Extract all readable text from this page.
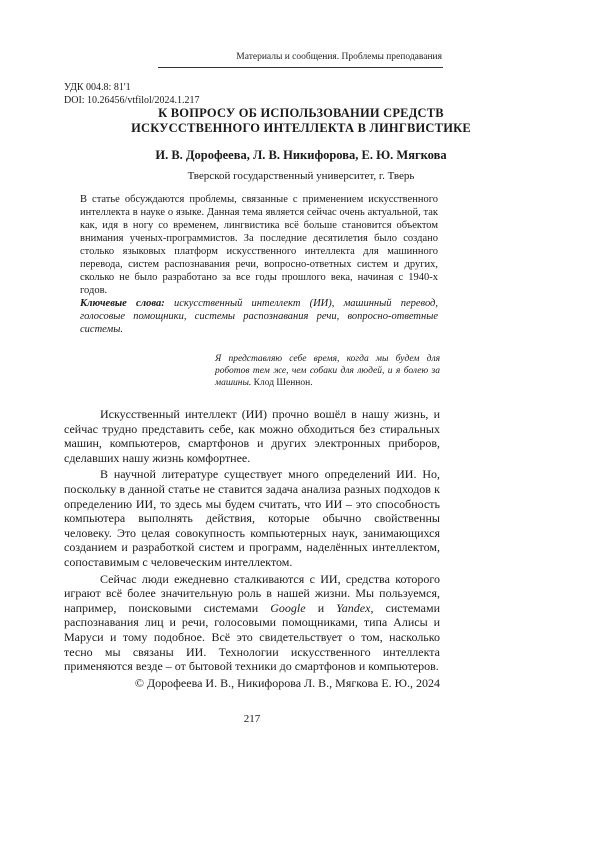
Материалы и сообщения. Проблемы преподавания
УДК 004.8: 81'1
DOI: 10.26456/vtfilol/2024.1.217
К ВОПРОСУ ОБ ИСПОЛЬЗОВАНИИ СРЕДСТВ
ИСКУССТВЕННОГО ИНТЕЛЛЕКТА В ЛИНГВИСТИКЕ
И. В. Дорофеева, Л. В. Никифорова, Е. Ю. Мягкова
Тверской государственный университет, г. Тверь

В статье обсуждаются проблемы, связанные с применением искусственного интеллекта в науке о языке. Данная тема является сейчас очень актуальной, так как, идя в ногу со временем, лингвистика всё больше становится объектом внимания ученых-программистов. За последние десятилетия было создано столько языковых платформ искусственного интеллекта для машинного перевода, систем распознавания речи, вопросно-ответных систем и других, сколько не было разработано за все годы прошлого века, начиная с 1940-х годов.

Ключевые слова: искусственный интеллект (ИИ), машинный перевод, голосовые помощники, системы распознавания речи, вопросно-ответные системы.

Я представляю себе время, когда мы будем для роботов тем же, чем собаки для людей, и я болею за машины. Клод Шеннон.

Искусственный интеллект (ИИ) прочно вошёл в нашу жизнь, и сейчас трудно представить себе, как можно обходиться без стиральных машин, компьютеров, смартфонов и других электронных приборов, сделавших нашу жизнь комфортнее.

В научной литературе существует много определений ИИ. Но, поскольку в данной статье не ставится задача анализа разных подходов к определению ИИ, то здесь мы будем считать, что ИИ – это способность компьютера выполнять действия, которые обычно свойственны человеку. Это целая совокупность компьютерных наук, занимающихся созданием и разработкой систем и программ, наделённых интеллектом, сопоставимым с человеческим интеллектом.

Сейчас люди ежедневно сталкиваются с ИИ, средства которого играют всё более значительную роль в нашей жизни. Мы пользуемся, например, поисковыми системами Google и Yandex, системами распознавания лиц и речи, голосовыми помощниками, типа Алисы и Маруси и тому подобное. Всё это свидетельствует о том, насколько тесно мы связаны ИИ. Технологии искусственного интеллекта применяются везде – от бытовой техники до смартфонов и компьютеров.

© Дорофеева И. В., Никифорова Л. В., Мягкова Е. Ю., 2024
217
